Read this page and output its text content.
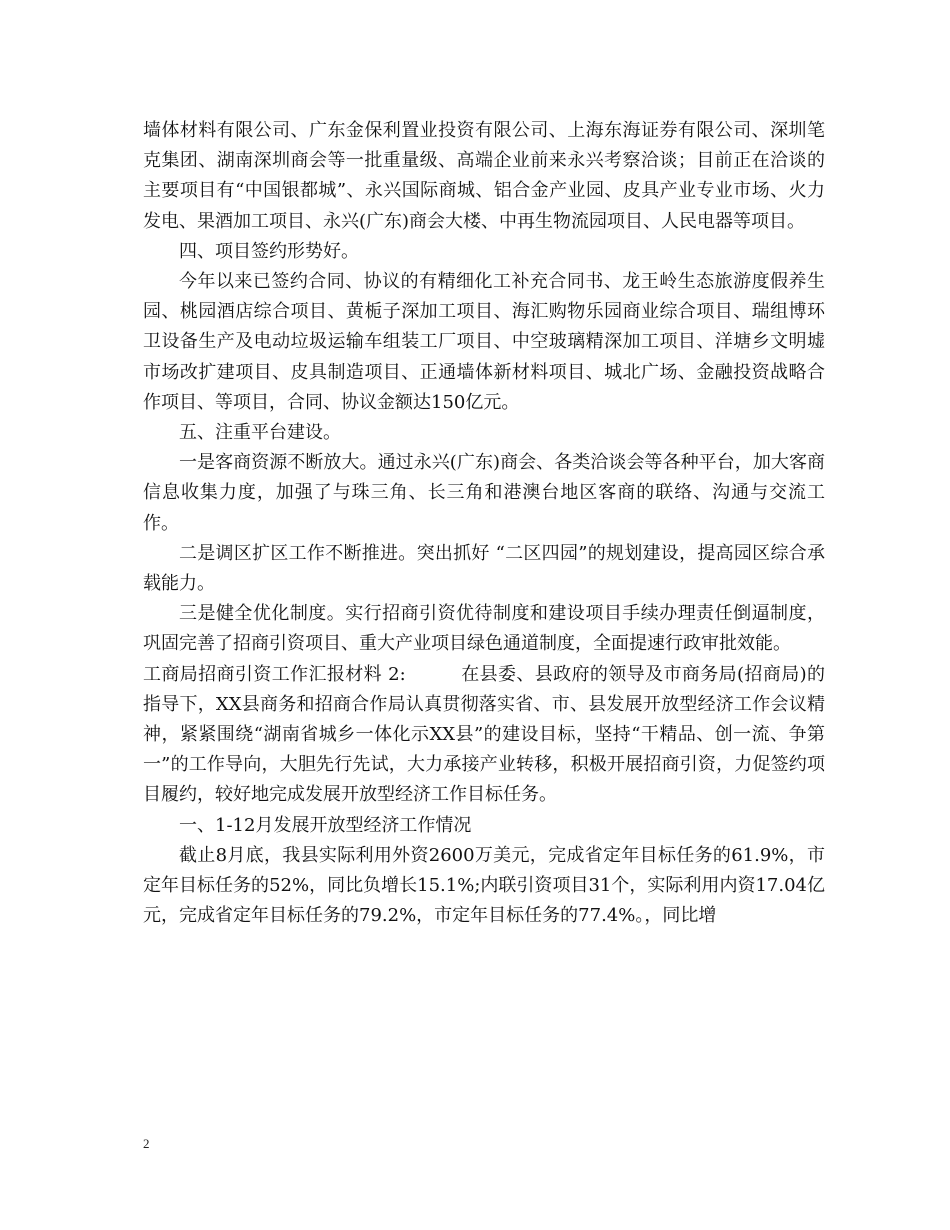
墙体材料有限公司、广东金保利置业投资有限公司、上海东海证券有限公司、深圳笔克集团、湖南深圳商会等一批重量级、高端企业前来永兴考察洽谈；目前正在洽谈的主要项目有“中国银都城”、永兴国际商城、铝合金产业园、皮具产业专业市场、火力发电、果酒加工项目、永兴(广东)商会大楼、中再生物流园项目、人民电器等项目。

四、项目签约形势好。

今年以来已签约合同、协议的有精细化工补充合同书、龙王岭生态旅游度假养生园、桃园酒店综合项目、黄栀子深加工项目、海汇购物乐园商业综合项目、瑞组博环卫设备生产及电动垃圾运输车组装工厂项目、中空玻璃精深加工项目、洋塘乡文明墟市场改扩建项目、皮具制造项目、正通墙体新材料项目、城北广场、金融投资战略合作项目、等项目，合同、协议金额达150亿元。

五、注重平台建设。

一是客商资源不断放大。通过永兴(广东)商会、各类洽谈会等各种平台，加大客商信息收集力度，加强了与珠三角、长三角和港澳台地区客商的联络、沟通与交流工作。

二是调区扩区工作不断推进。突出抓好 “二区四园”的规划建设，提高园区综合承载能力。

三是健全优化制度。实行招商引资优待制度和建设项目手续办理责任倒逼制度，巩固完善了招商引资项目、重大产业项目绿色通道制度，全面提速行政审批效能。

工商局招商引资工作汇报材料 2:　　　在县委、县政府的领导及市商务局(招商局)的指导下，XX县商务和招商合作局认真贯彻落实省、市、县发展开放型经济工作会议精神，紧紧围绕“湖南省城乡一体化示XX县”的建设目标，坚持“干精品、创一流、争第一”的工作导向，大胆先行先试，大力承接产业转移，积极开展招商引资，力促签约项目履约，较好地完成发展开放型经济工作目标任务。

一、1-12月发展开放型经济工作情况

截止8月底，我县实际利用外资2600万美元，完成省定年目标任务的61.9%，市定年目标任务的52%，同比负增长15.1%;内联引资项目31个，实际利用内资17.04亿元，完成省定年目标任务的79.2%，市定年目标任务的77.4%。，同比增

2
